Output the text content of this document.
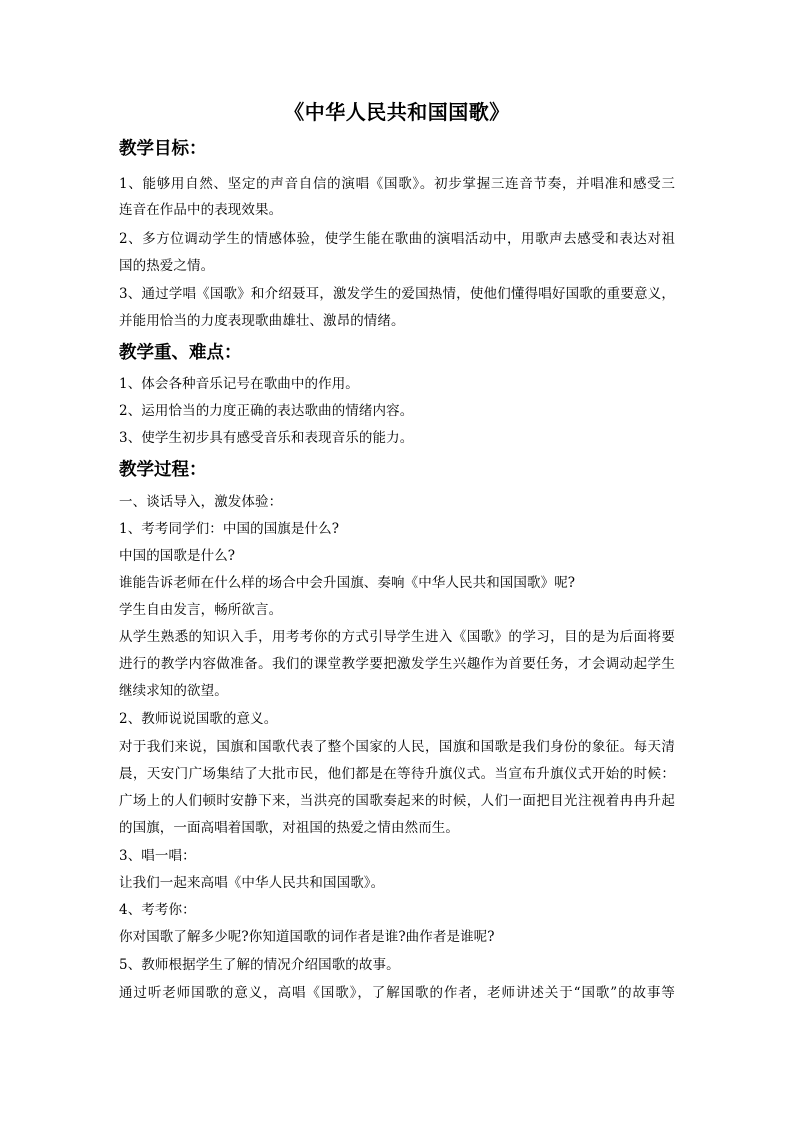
《中华人民共和国国歌》
教学目标：
1、能够用自然、坚定的声音自信的演唱《国歌》。初步掌握三连音节奏，并唱准和感受三
连音在作品中的表现效果。
2、多方位调动学生的情感体验，使学生能在歌曲的演唱活动中，用歌声去感受和表达对祖
国的热爱之情。
3、通过学唱《国歌》和介绍聂耳，激发学生的爱国热情，使他们懂得唱好国歌的重要意义，
并能用恰当的力度表现歌曲雄壮、激昂的情绪。
教学重、难点：
1、体会各种音乐记号在歌曲中的作用。
2、运用恰当的力度正确的表达歌曲的情绪内容。
3、使学生初步具有感受音乐和表现音乐的能力。
教学过程：
一、谈话导入，激发体验：
1、考考同学们：中国的国旗是什么?
中国的国歌是什么?
谁能告诉老师在什么样的场合中会升国旗、奏响《中华人民共和国国歌》呢?
学生自由发言，畅所欲言。
从学生熟悉的知识入手，用考考你的方式引导学生进入《国歌》的学习，目的是为后面将要
进行的教学内容做准备。我们的课堂教学要把激发学生兴趣作为首要任务，才会调动起学生
继续求知的欲望。
2、教师说说国歌的意义。
对于我们来说，国旗和国歌代表了整个国家的人民，国旗和国歌是我们身份的象征。每天清
晨，天安门广场集结了大批市民，他们都是在等待升旗仪式。当宣布升旗仪式开始的时候：
广场上的人们顿时安静下来，当洪亮的国歌奏起来的时候，人们一面把目光注视着冉冉升起
的国旗，一面高唱着国歌，对祖国的热爱之情由然而生。
3、唱一唱：
让我们一起来高唱《中华人民共和国国歌》。
4、考考你：
你对国歌了解多少呢?你知道国歌的词作者是谁?曲作者是谁呢?
5、教师根据学生了解的情况介绍国歌的故事。
通过听老师国歌的意义，高唱《国歌》，了解国歌的作者，老师讲述关于“国歌”的故事等
